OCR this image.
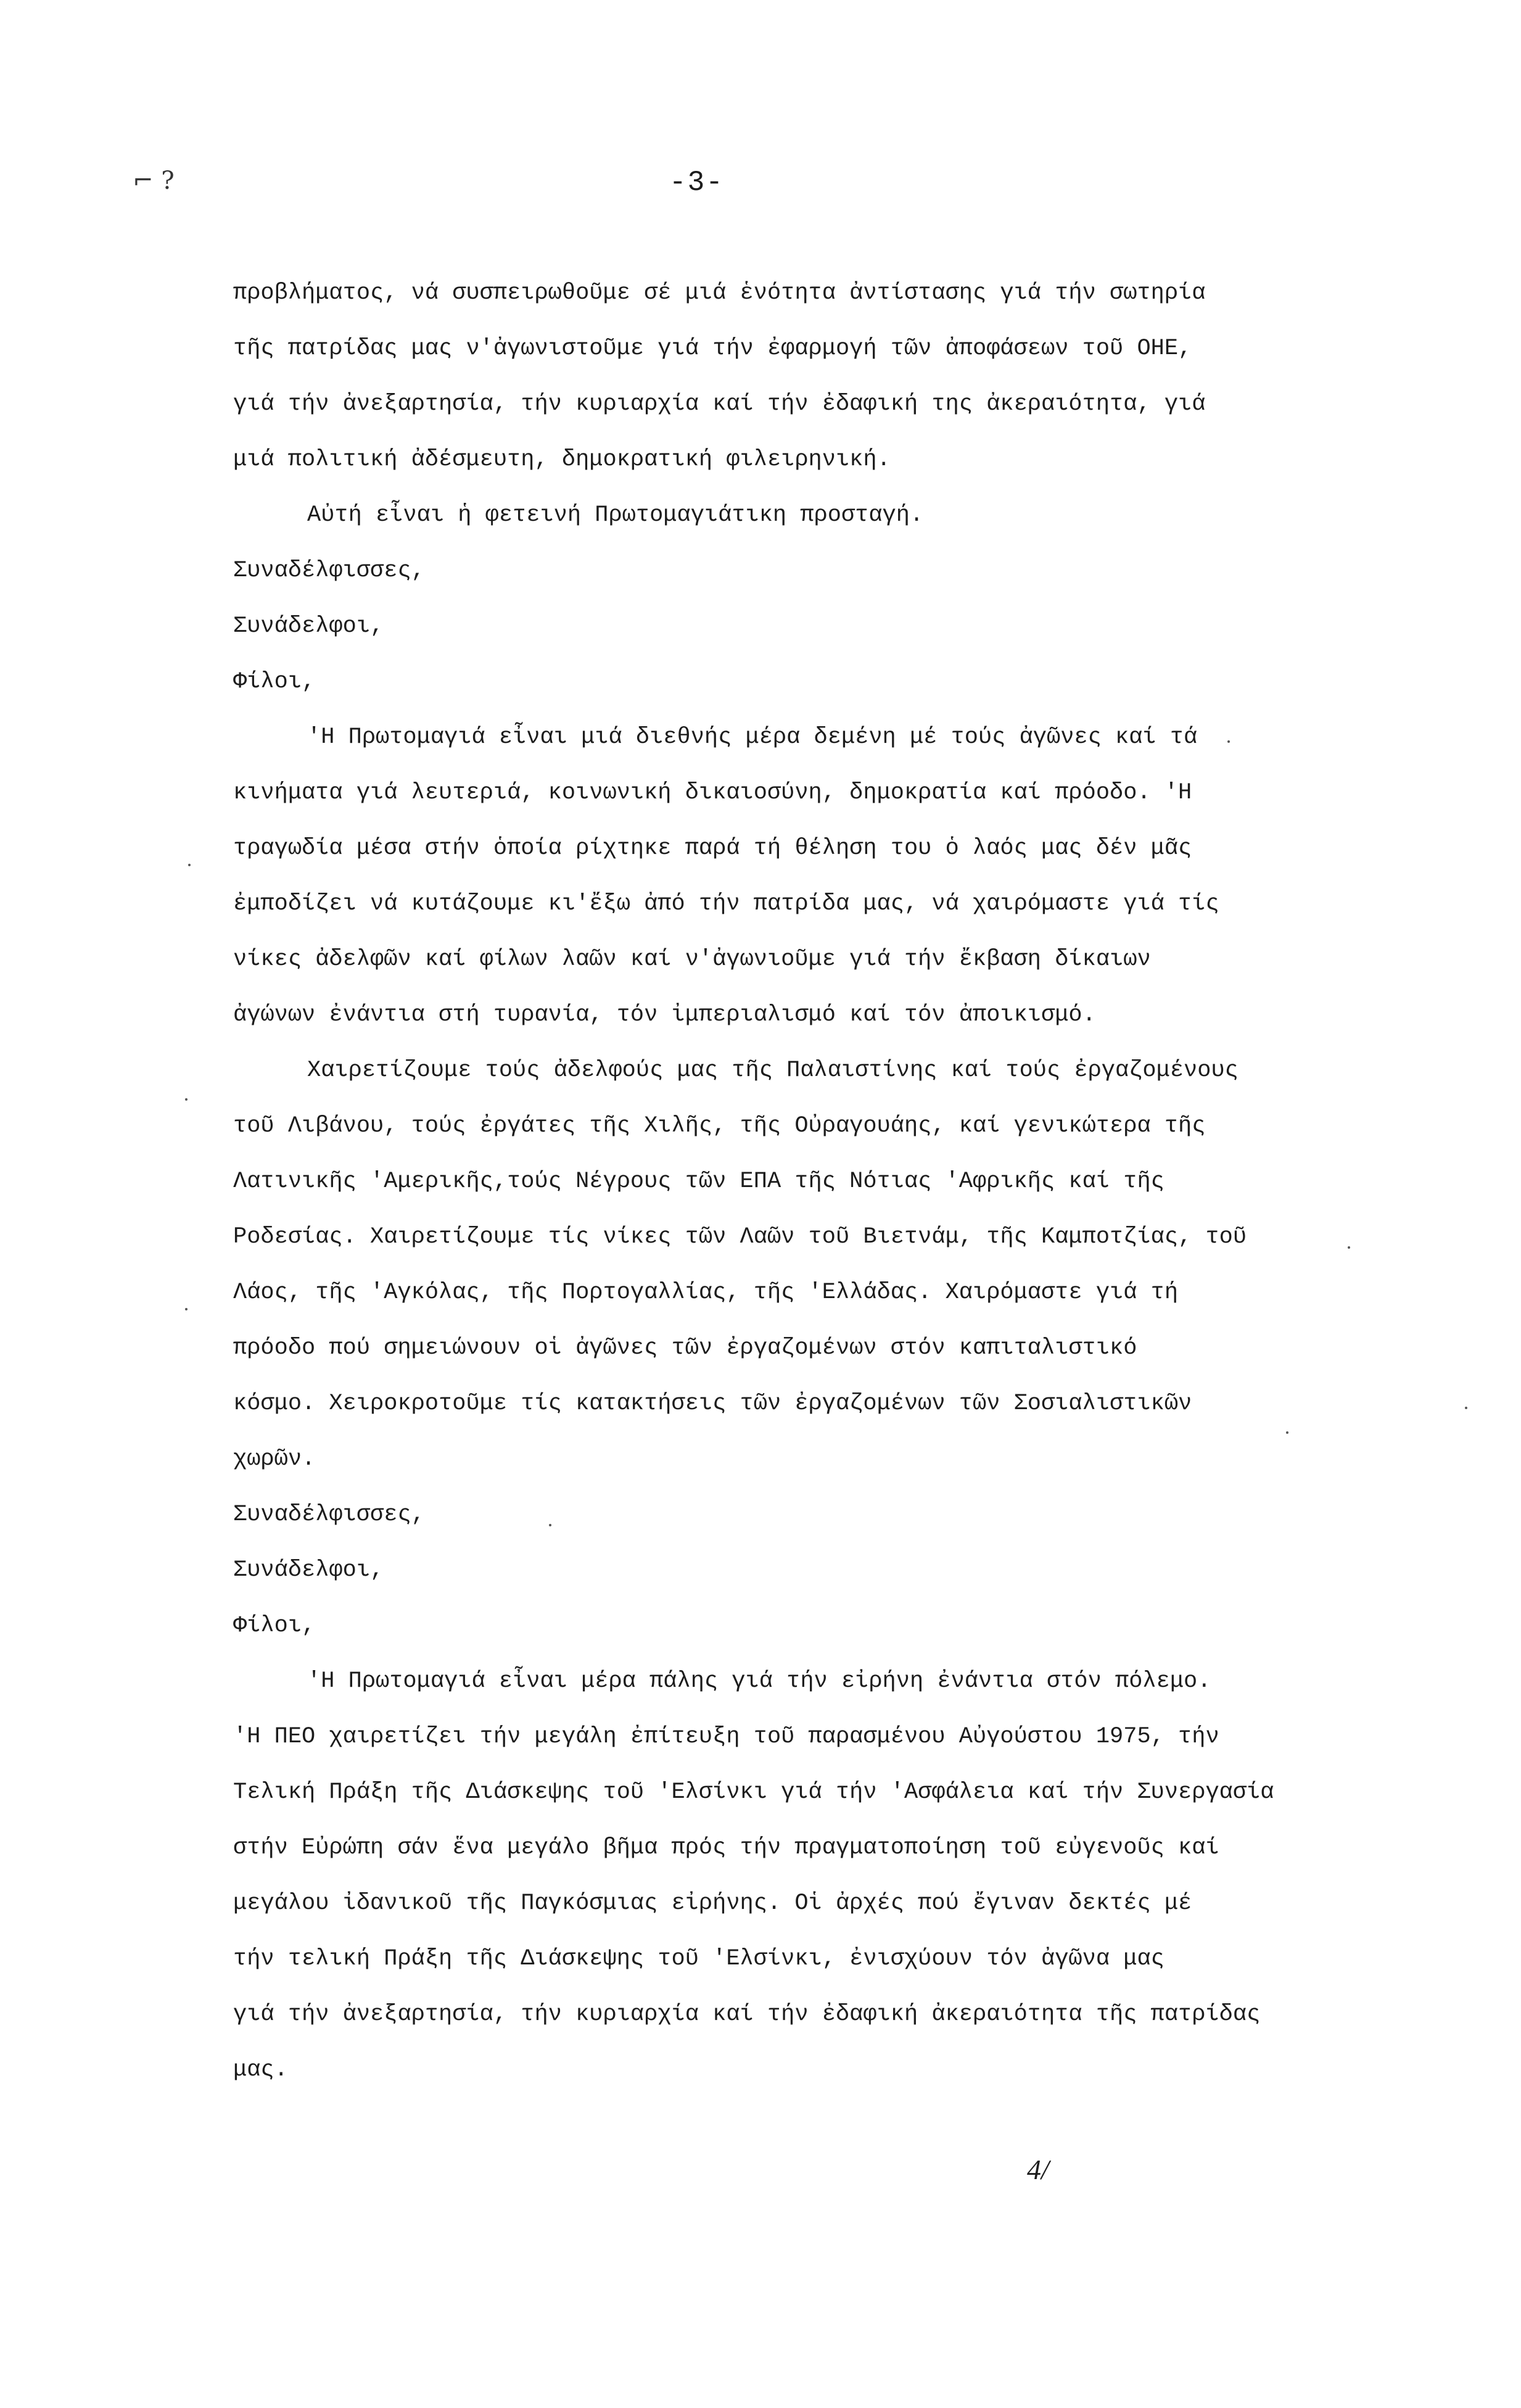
⌐ ?	-3-
προβλήματος, νά συσπειρωθοῦμε σέ μιά ἑνότητα ἀντίστασης γιά τήν σωτηρία
τῆς πατρίδας μας ν'ἀγωνιστοῦμε γιά τήν ἐφαρμογή τῶν ἀποφάσεων τοῦ ΟΗΕ,
γιά τήν ἀνεξαρτησία, τήν κυριαρχία καί τήν ἐδαφική της ἀκεραιότητα, γιά
μιά πολιτική ἀδέσμευτη, δημοκρατική φιλειρηνική.
Αὐτή εἶναι ἡ φετεινή Πρωτομαγιάτικη προσταγή.
Συναδέλφισσες,
Συνάδελφοι,
Φίλοι,
'Η Πρωτομαγιά εἶναι μιά διεθνής μέρα δεμένη μέ τούς ἀγῶνες καί τά
κινήματα γιά λευτεριά, κοινωνική δικαιοσύνη, δημοκρατία καί πρόοδο. 'Η
τραγωδία μέσα στήν ὁποία ρίχτηκε παρά τή θέληση του ὁ λαός μας δέν μᾶς
ἐμποδίζει νά κυτάζουμε κι'ἔξω ἀπό τήν πατρίδα μας, νά χαιρόμαστε γιά τίς
νίκες ἀδελφῶν καί φίλων λαῶν καί ν'ἀγωνιοῦμε γιά τήν ἔκβαση δίκαιων
ἀγώνων ἐνάντια στή τυρανία, τόν ἰμπεριαλισμό καί τόν ἀποικισμό.
Χαιρετίζουμε τούς ἀδελφούς μας τῆς Παλαιστίνης καί τούς ἐργαζομένους
τοῦ Λιβάνου, τούς ἐργάτες τῆς Χιλῆς, τῆς Οὐραγουάης, καί γενικώτερα τῆς
Λατινικῆς 'Αμερικῆς,τούς Νέγρους τῶν ΕΠΑ τῆς Νότιας 'Αφρικῆς καί τῆς
Ροδεσίας. Χαιρετίζουμε τίς νίκες τῶν Λαῶν τοῦ Βιετνάμ, τῆς Καμποτζίας, τοῦ
Λάος, τῆς 'Αγκόλας, τῆς Πορτογαλλίας, τῆς 'Ελλάδας. Χαιρόμαστε γιά τή
πρόοδο πού σημειώνουν οἱ ἀγῶνες τῶν ἐργαζομένων στόν καπιταλιστικό
κόσμο. Χειροκροτοῦμε τίς κατακτήσεις τῶν ἐργαζομένων τῶν Σοσιαλιστικῶν
χωρῶν.
Συναδέλφισσες,
Συνάδελφοι,
Φίλοι,
'Η Πρωτομαγιά εἶναι μέρα πάλης γιά τήν εἰρήνη ἐνάντια στόν πόλεμο.
'Η ΠΕΟ χαιρετίζει τήν μεγάλη ἐπίτευξη τοῦ παρασμένου Αὐγούστου 1975, τήν
Τελική Πράξη τῆς Διάσκεψης τοῦ 'Ελσίνκι γιά τήν 'Ασφάλεια καί τήν Συνεργασία
στήν Εὐρώπη σάν ἕνα μεγάλο βῆμα πρός τήν πραγματοποίηση τοῦ εὐγενοῦς καί
μεγάλου ἰδανικοῦ τῆς Παγκόσμιας εἰρήνης. Οἱ ἀρχές πού ἔγιναν δεκτές μέ
τήν τελική Πράξη τῆς Διάσκεψης τοῦ 'Ελσίνκι, ἐνισχύουν τόν ἀγῶνα μας
γιά τήν ἀνεξαρτησία, τήν κυριαρχία καί τήν ἐδαφική ἀκεραιότητα τῆς πατρίδας
μας.
4/
